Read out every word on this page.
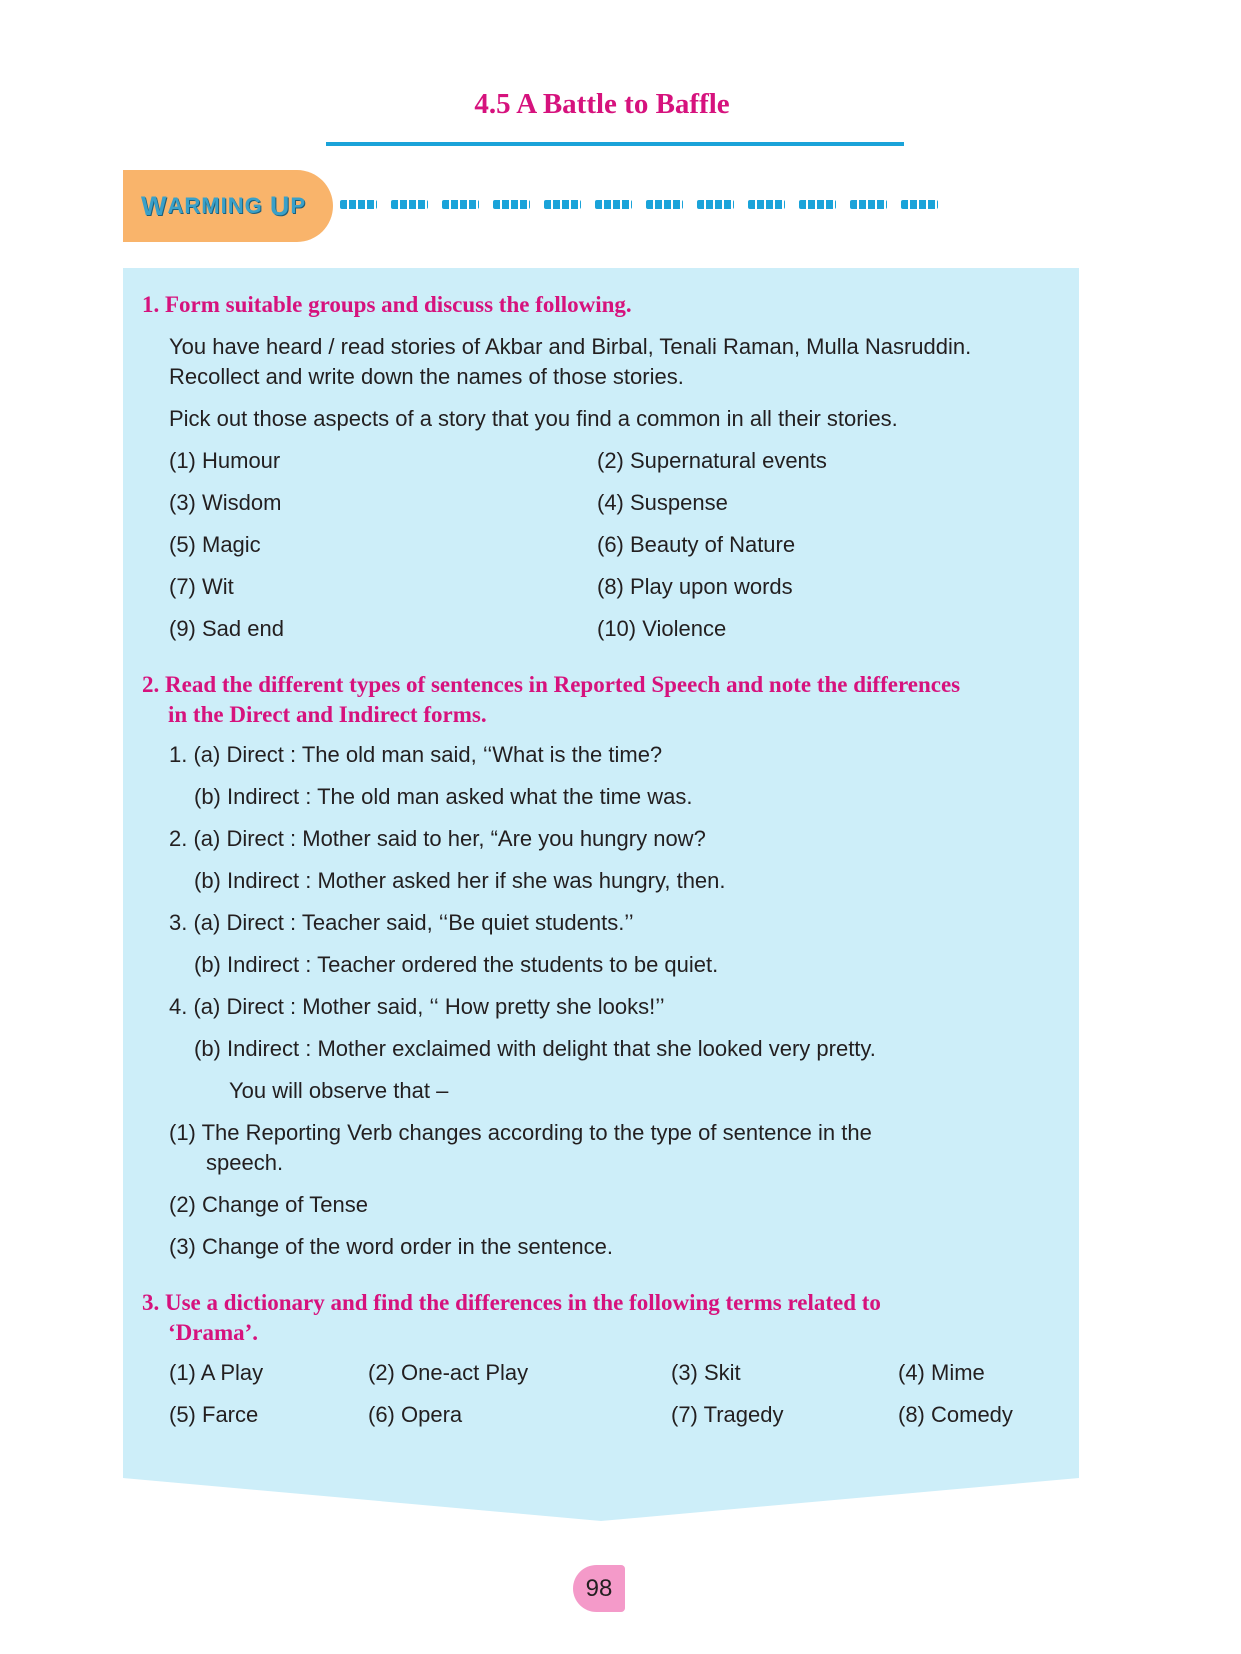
4.5 A Battle to Baffle
W ARMING
U P

1. Form suitable groups and discuss the following.

You have heard / read stories of Akbar and Birbal, Tenali Raman, Mulla Nasruddin.

Recollect and write down the names of those stories.

Pick out those aspects of a story that you find a common in all their stories.

(1) Humour	(2) Supernatural events

(3) Wisdom	(4) Suspense

(5) Magic	(6) Beauty of Nature

(7) Wit	(8) Play upon words

(9) Sad end	(10) Violence

2. Read the different types of sentences in Reported Speech and note the differences
in the Direct and Indirect forms.

1. (a) Direct : The old man said, ‘‘What is the time?

(b) Indirect : The old man asked what the time was.

2. (a) Direct : Mother said to her, “Are you hungry now?

(b) Indirect : Mother asked her if she was hungry, then.

3. (a) Direct : Teacher said, ‘‘Be quiet students.’’

(b) Indirect : Teacher ordered the students to be quiet.

4. (a) Direct : Mother said, ‘‘ How pretty she looks!’’

(b) Indirect : Mother exclaimed with delight that she looked very pretty.

You will observe that –

(1) The Reporting Verb changes according to the type of sentence in the

speech.

(2) Change of Tense

(3) Change of the word order in the sentence.

3. Use a dictionary and find the differences in the following terms related to
‘Drama’.

(1) A Play	(2) One-act Play	(3) Skit	(4) Mime

(5) Farce	(6) Opera	(7) Tragedy	(8) Comedy

98
